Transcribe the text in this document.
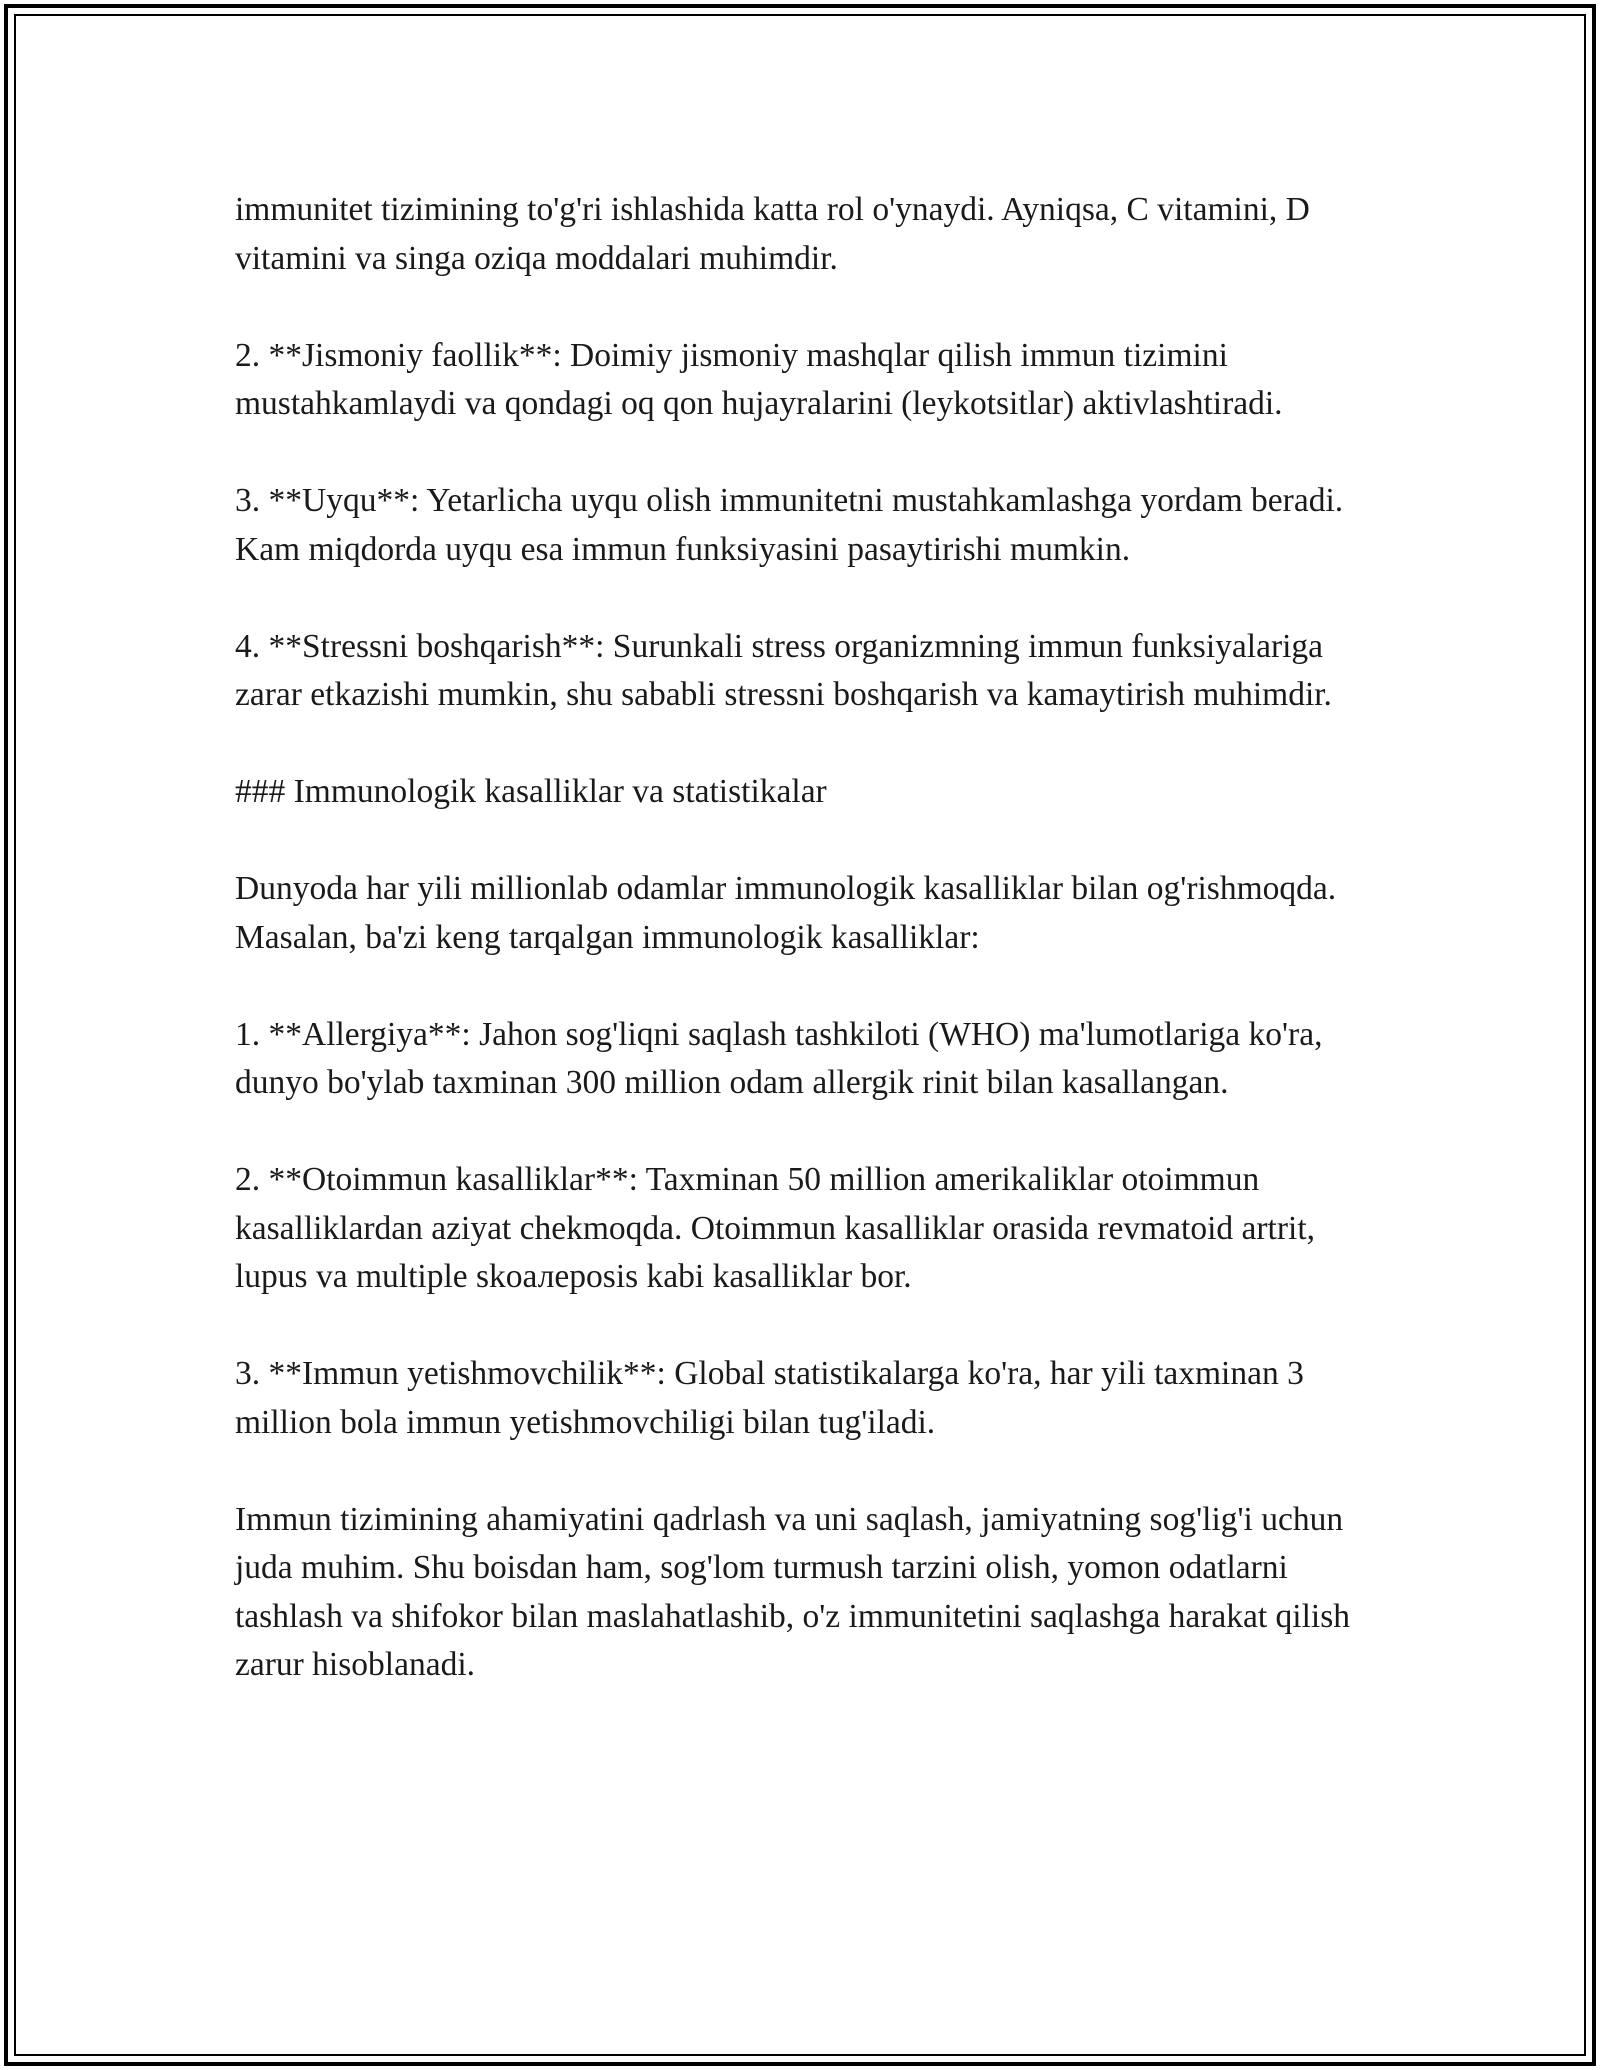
immunitet tizimining to'g'ri ishlashida katta rol o'ynaydi. Ayniqsa, C vitamini, D vitamini va singa oziqa moddalari muhimdir.

2. **Jismoniy faollik**: Doimiy jismoniy mashqlar qilish immun tizimini mustahkamlaydi va qondagi oq qon hujayralarini (leykotsitlar) aktivlashtiradi.

3. **Uyqu**: Yetarlicha uyqu olish immunitetni mustahkamlashga yordam beradi. Kam miqdorda uyqu esa immun funksiyasini pasaytirishi mumkin.

4. **Stressni boshqarish**: Surunkali stress organizmning immun funksiyalariga zarar etkazishi mumkin, shu sababli stressni boshqarish va kamaytirish muhimdir.

### Immunologik kasalliklar va statistikalar

Dunyoda har yili millionlab odamlar immunologik kasalliklar bilan og'rishmoqda. Masalan, ba'zi keng tarqalgan immunologik kasalliklar:

1. **Allergiya**: Jahon sog'liqni saqlash tashkiloti (WHO) ma'lumotlariga ko'ra, dunyo bo'ylab taxminan 300 million odam allergik rinit bilan kasallangan.

2. **Otoimmun kasalliklar**: Taxminan 50 million amerikaliklar otoimmun kasalliklardan aziyat chekmoqda. Otoimmun kasalliklar orasida revmatoid artrit, lupus va multiple skoалeposis kabi kasalliklar bor.

3. **Immun yetishmovchilik**: Global statistikalarga ko'ra, har yili taxminan 3 million bola immun yetishmovchiligi bilan tug'iladi.

Immun tizimining ahamiyatini qadrlash va uni saqlash, jamiyatning sog'lig'i uchun juda muhim. Shu boisdan ham, sog'lom turmush tarzini olish, yomon odatlarni tashlash va shifokor bilan maslahatlashib, o'z immunitetini saqlashga harakat qilish zarur hisoblanadi.
